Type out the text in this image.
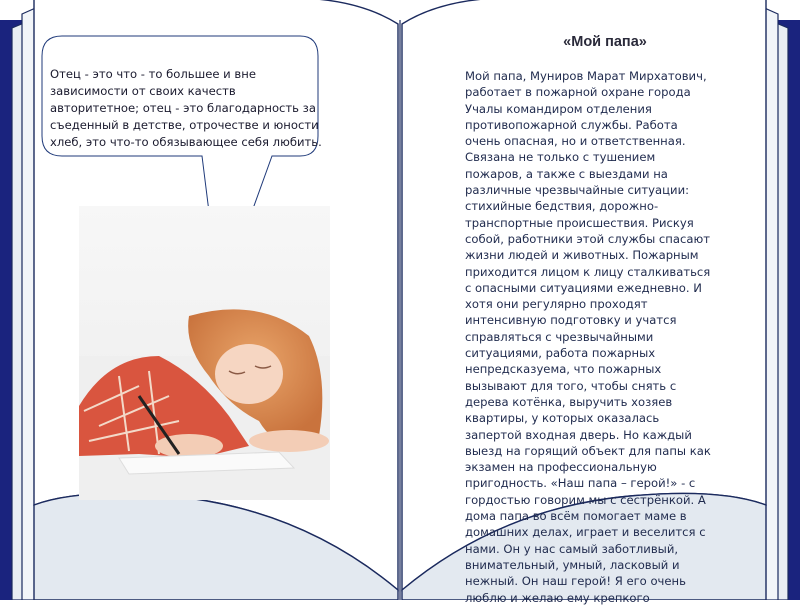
Отец - это что - то большее и вне зависимости от своих качеств авторитетное; отец - это благодарность за съеденный в детстве, отрочестве и юности хлеб, это что-то обязывающее себя любить.
«Мой папа»
Мой папа, Муниров Марат Мирхатович,
работает в пожарной охране города
Учалы командиром отделения
противопожарной службы. Работа
очень опасная, но и ответственная.
Связана не только с тушением
пожаров, а также с выездами на
различные чрезвычайные ситуации:
стихийные бедствия, дорожно-
транспортные происшествия. Рискуя
собой, работники этой службы спасают
жизни людей и животных. Пожарным
приходится лицом к лицу сталкиваться
с опасными ситуациями ежедневно. И
хотя они регулярно проходят
интенсивную подготовку и учатся
справляться с чрезвычайными
ситуациями, работа пожарных
непредсказуема, что пожарных
вызывают для того, чтобы снять с
дерева котёнка, выручить хозяев
квартиры, у которых оказалась
запертой входная дверь. Но каждый
выезд на горящий объект для папы как
экзамен на профессиональную
пригодность. «Наш папа – герой!» - с
гордостью говорим мы с сестрёнкой. А
дома папа во всём помогает маме в
домашних делах, играет и веселится с
нами. Он у нас самый заботливый,
внимательный, умный, ласковый и
нежный. Он наш герой! Я его очень
люблю и желаю ему крепкого
